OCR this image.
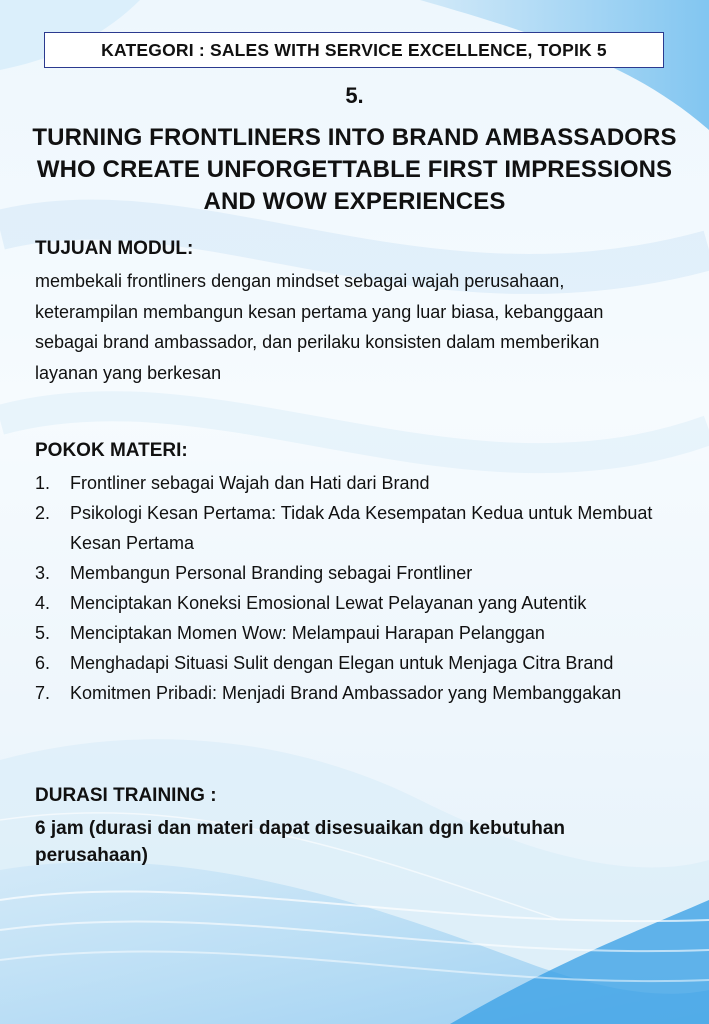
KATEGORI : SALES WITH SERVICE EXCELLENCE, TOPIK 5
5.
TURNING FRONTLINERS INTO BRAND AMBASSADORS WHO CREATE UNFORGETTABLE FIRST IMPRESSIONS AND WOW EXPERIENCES
TUJUAN MODUL:
membekali frontliners dengan mindset sebagai wajah perusahaan, keterampilan membangun kesan pertama yang luar biasa, kebanggaan sebagai brand ambassador, dan perilaku konsisten dalam memberikan layanan yang berkesan
POKOK MATERI:
1.	Frontliner sebagai Wajah dan Hati dari Brand
2.	Psikologi Kesan Pertama: Tidak Ada Kesempatan Kedua untuk Membuat Kesan Pertama
3.	Membangun Personal Branding sebagai Frontliner
4.	Menciptakan Koneksi Emosional Lewat Pelayanan yang Autentik
5.	Menciptakan Momen Wow: Melampaui Harapan Pelanggan
6.	Menghadapi Situasi Sulit dengan Elegan untuk Menjaga Citra Brand
7.	Komitmen Pribadi: Menjadi Brand Ambassador yang Membanggakan
DURASI TRAINING :
6 jam (durasi dan materi dapat disesuaikan dgn kebutuhan perusahaan)
